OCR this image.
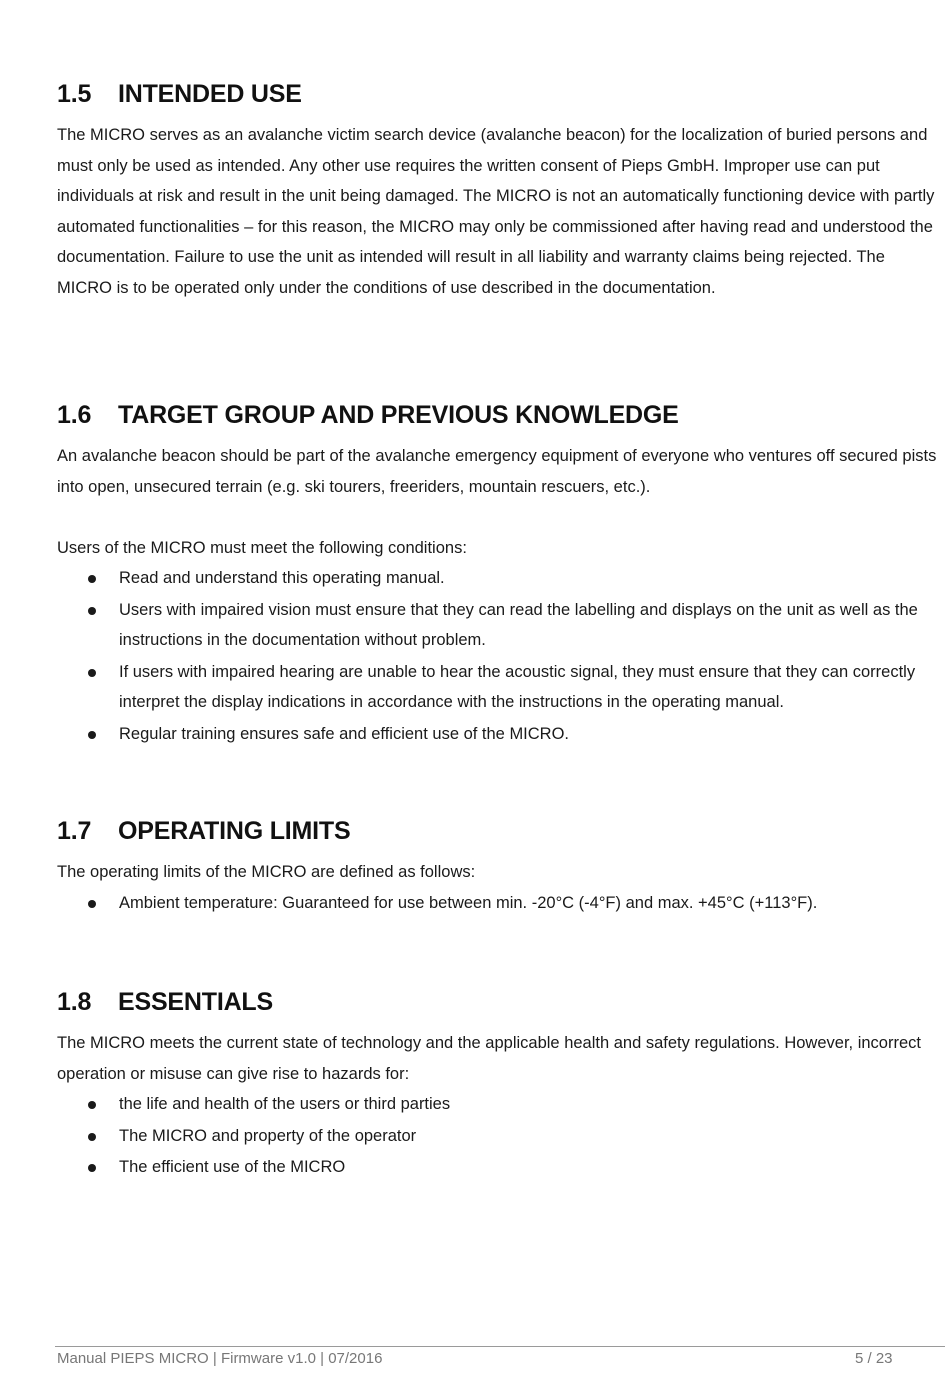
1.5	INTENDED USE

The MICRO serves as an avalanche victim search device (avalanche beacon) for the localization of buried persons and must only be used as intended. Any other use requires the written consent of Pieps GmbH. Improper use can put individuals at risk and result in the unit being damaged. The MICRO is not an automatically functioning device with partly automated functionalities – for this reason, the MICRO may only be commissioned after having read and understood the documentation. Failure to use the unit as intended will result in all liability and warranty claims being rejected. The MICRO is to be operated only under the conditions of use described in the documentation.

1.6	TARGET GROUP AND PREVIOUS KNOWLEDGE

An avalanche beacon should be part of the avalanche emergency equipment of everyone who ventures off secured pists into open, unsecured terrain (e.g. ski tourers, freeriders, mountain rescuers, etc.).

Users of the MICRO must meet the following conditions:

Read and understand this operating manual.
Users with impaired vision must ensure that they can read the labelling and displays on the unit as well as the instructions in the documentation without problem.
If users with impaired hearing are unable to hear the acoustic signal, they must ensure that they can correctly interpret the display indications in accordance with the instructions in the operating manual.
Regular training ensures safe and efficient use of the MICRO.
1.7	OPERATING LIMITS

The operating limits of the MICRO are defined as follows:

Ambient temperature: Guaranteed for use between min. -20°C (-4°F) and max. +45°C (+113°F).
1.8	ESSENTIALS

The MICRO meets the current state of technology and the applicable health and safety regulations. However, incorrect operation or misuse can give rise to hazards for:

the life and health of the users or third parties
The MICRO and property of the operator
The efficient use of the MICRO
Manual PIEPS MICRO | Firmware v1.0 | 07/2016	5 / 23
